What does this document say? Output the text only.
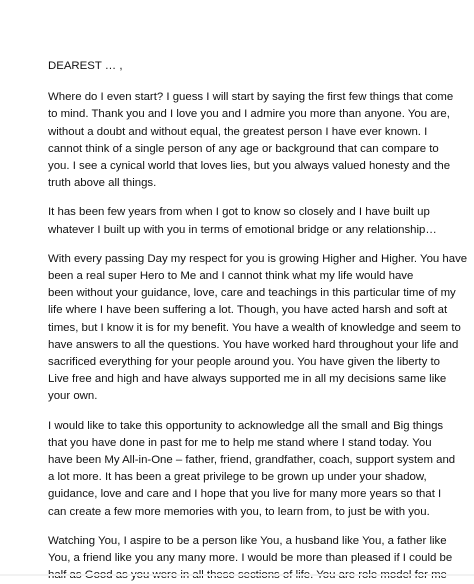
DEAREST … ,
Where do I even start? I guess I will start by saying the first few things that come
to mind. Thank you and I love you and I admire you more than anyone. You are,
without a doubt and without equal, the greatest person I have ever known. I
cannot think of a single person of any age or background that can compare to
you. I see a cynical world that loves lies, but you always valued honesty and the
truth above all things.
It has been few years from when I got to know so closely and I have built up
whatever I built up with you in terms of emotional bridge or any relationship…
With every passing Day my respect for you is growing Higher and Higher. You have
been a real super Hero to Me and I cannot think what my life would have
been without your guidance, love, care and teachings in this particular time of my
life where I have been suffering a lot. Though, you have acted harsh and soft at
times, but I know it is for my benefit. You have a wealth of knowledge and seem to
have answers to all the questions. You have worked hard throughout your life and
sacrificed everything for your people around you. You have given the liberty to
Live free and high and have always supported me in all my decisions same like
your own.
I would like to take this opportunity to acknowledge all the small and Big things
that you have done in past for me to help me stand where I stand today. You
have been My All-in-One – father, friend, grandfather, coach, support system and
a lot more. It has been a great privilege to be grown up under your shadow,
guidance, love and care and I hope that you live for many more years so that I
can create a few more memories with you, to learn from, to just be with you.
Watching You, I aspire to be a person like You, a husband like You, a father like
You, a friend like you any many more. I would be more than pleased if I could be
